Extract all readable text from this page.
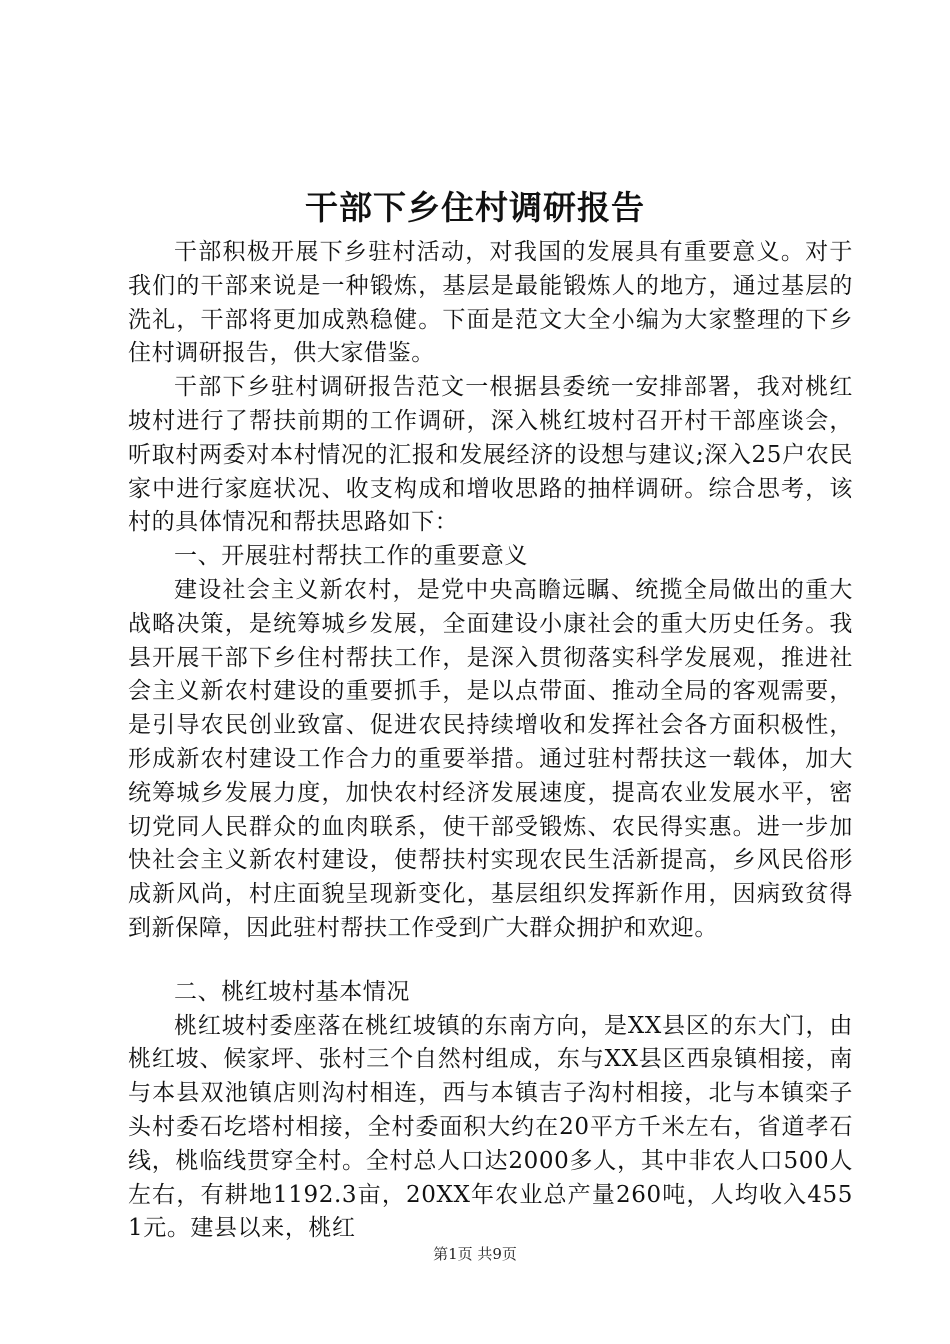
干部下乡住村调研报告

干部积极开展下乡驻村活动，对我国的发展具有重要意义。对于我们的干部来说是一种锻炼，基层是最能锻炼人的地方，通过基层的洗礼，干部将更加成熟稳健。下面是范文大全小编为大家整理的下乡住村调研报告，供大家借鉴。

干部下乡驻村调研报告范文一根据县委统一安排部署，我对桃红坡村进行了帮扶前期的工作调研，深入桃红坡村召开村干部座谈会，听取村两委对本村情况的汇报和发展经济的设想与建议;深入25户农民家中进行家庭状况、收支构成和增收思路的抽样调研。综合思考，该村的具体情况和帮扶思路如下：

一、开展驻村帮扶工作的重要意义

建设社会主义新农村，是党中央高瞻远瞩、统揽全局做出的重大战略决策，是统筹城乡发展，全面建设小康社会的重大历史任务。我县开展干部下乡住村帮扶工作，是深入贯彻落实科学发展观，推进社会主义新农村建设的重要抓手，是以点带面、推动全局的客观需要，是引导农民创业致富、促进农民持续增收和发挥社会各方面积极性，形成新农村建设工作合力的重要举措。通过驻村帮扶这一载体，加大统筹城乡发展力度，加快农村经济发展速度，提高农业发展水平，密切党同人民群众的血肉联系，使干部受锻炼、农民得实惠。进一步加快社会主义新农村建设，使帮扶村实现农民生活新提高，乡风民俗形成新风尚，村庄面貌呈现新变化，基层组织发挥新作用，因病致贫得到新保障，因此驻村帮扶工作受到广大群众拥护和欢迎。

二、桃红坡村基本情况

桃红坡村委座落在桃红坡镇的东南方向，是XX县区的东大门，由桃红坡、候家坪、张村三个自然村组成，东与XX县区西泉镇相接，南与本县双池镇店则沟村相连，西与本镇吉子沟村相接，北与本镇栾子头村委石圪塔村相接，全村委面积大约在20平方千米左右，省道孝石线，桃临线贯穿全村。全村总人口达2000多人，其中非农人口500人左右，有耕地1192.3亩，20XX年农业总产量260吨，人均收入4551元。建县以来，桃红

第1页 共9页
